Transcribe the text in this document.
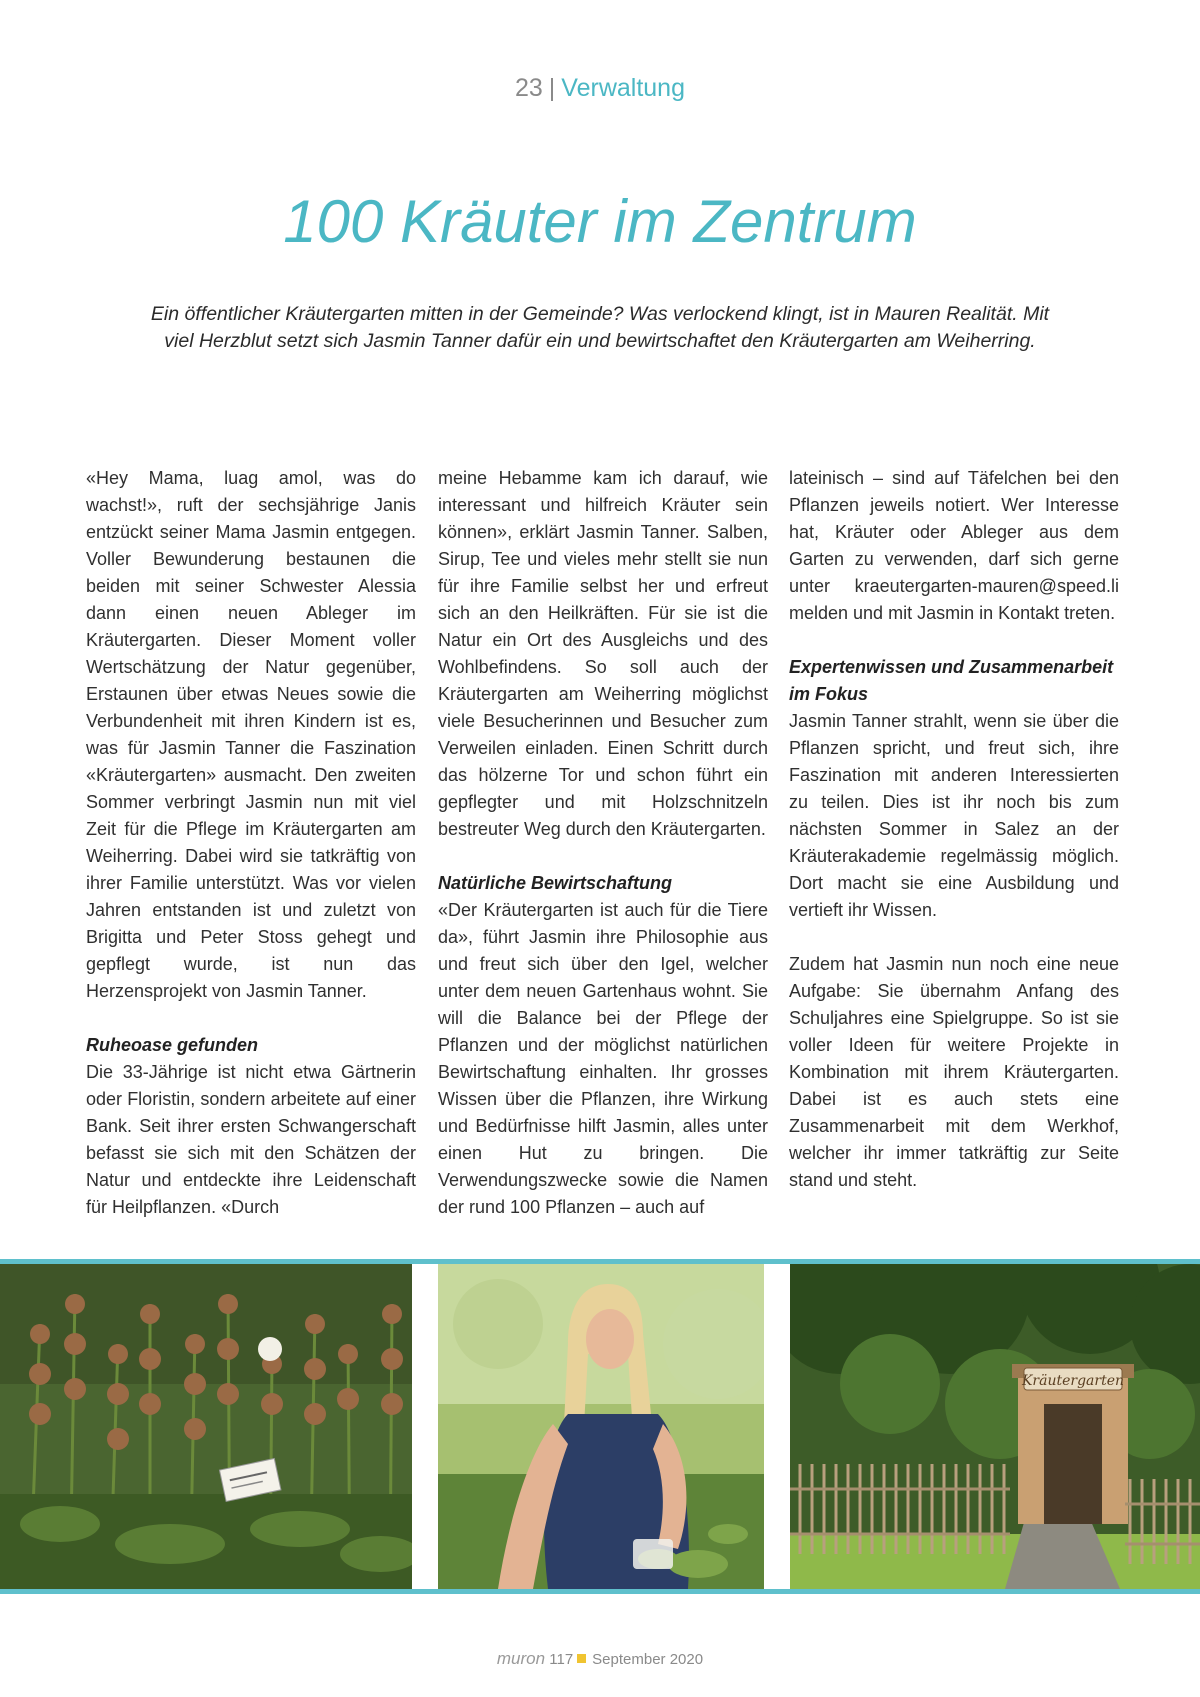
23 | Verwaltung
100 Kräuter im Zentrum

Ein öffentlicher Kräutergarten mitten in der Gemeinde? Was verlockend klingt, ist in Mauren Realität. Mit viel Herzblut setzt sich Jasmin Tanner dafür ein und bewirtschaftet den Kräutergarten am Weiherring.

«Hey Mama, luag amol, was do wachst!», ruft der sechsjährige Janis entzückt seiner Mama Jasmin entgegen. Voller Bewunderung bestaunen die beiden mit seiner Schwester Alessia dann einen neuen Ableger im Kräutergarten. Dieser Moment voller Wertschätzung der Natur gegenüber, Erstaunen über etwas Neues sowie die Verbundenheit mit ihren Kindern ist es, was für Jasmin Tanner die Faszination «Kräutergarten» ausmacht. Den zweiten Sommer verbringt Jasmin nun mit viel Zeit für die Pflege im Kräutergarten am Weiherring. Dabei wird sie tatkräftig von ihrer Familie unterstützt. Was vor vielen Jahren entstanden ist und zuletzt von Brigitta und Peter Stoss gehegt und gepflegt wurde, ist nun das Herzensprojekt von Jasmin Tanner.

Ruheoase gefunden

Die 33-Jährige ist nicht etwa Gärtnerin oder Floristin, sondern arbeitete auf einer Bank. Seit ihrer ersten Schwangerschaft befasst sie sich mit den Schätzen der Natur und entdeckte ihre Leidenschaft für Heilpflanzen. «Durch

meine Hebamme kam ich darauf, wie interessant und hilfreich Kräuter sein können», erklärt Jasmin Tanner. Salben, Sirup, Tee und vieles mehr stellt sie nun für ihre Familie selbst her und erfreut sich an den Heilkräften. Für sie ist die Natur ein Ort des Ausgleichs und des Wohlbefindens. So soll auch der Kräutergarten am Weiherring möglichst viele Besucherinnen und Besucher zum Verweilen einladen. Einen Schritt durch das hölzerne Tor und schon führt ein gepflegter und mit Holzschnitzeln bestreuter Weg durch den Kräutergarten.

Natürliche Bewirtschaftung

«Der Kräutergarten ist auch für die Tiere da», führt Jasmin ihre Philosophie aus und freut sich über den Igel, welcher unter dem neuen Gartenhaus wohnt. Sie will die Balance bei der Pflege der Pflanzen und der möglichst natürlichen Bewirtschaftung einhalten. Ihr grosses Wissen über die Pflanzen, ihre Wirkung und Bedürfnisse hilft Jasmin, alles unter einen Hut zu bringen. Die Verwendungszwecke sowie die Namen der rund 100 Pflanzen – auch auf

lateinisch – sind auf Täfelchen bei den Pflanzen jeweils notiert. Wer Interesse hat, Kräuter oder Ableger aus dem Garten zu verwenden, darf sich gerne unter kraeutergarten-mauren@speed.li melden und mit Jasmin in Kontakt treten.

Expertenwissen und Zusammenarbeit im Fokus

Jasmin Tanner strahlt, wenn sie über die Pflanzen spricht, und freut sich, ihre Faszination mit anderen Interessierten zu teilen. Dies ist ihr noch bis zum nächsten Sommer in Salez an der Kräuterakademie regelmässig möglich. Dort macht sie eine Ausbildung und vertieft ihr Wissen.

Zudem hat Jasmin nun noch eine neue Aufgabe: Sie übernahm Anfang des Schuljahres eine Spielgruppe. So ist sie voller Ideen für weitere Projekte in Kombination mit ihrem Kräutergarten. Dabei ist es auch stets eine Zusammenarbeit mit dem Werkhof, welcher ihr immer tatkräftig zur Seite stand und steht.

Kräutergarten
muron 117 September 2020
